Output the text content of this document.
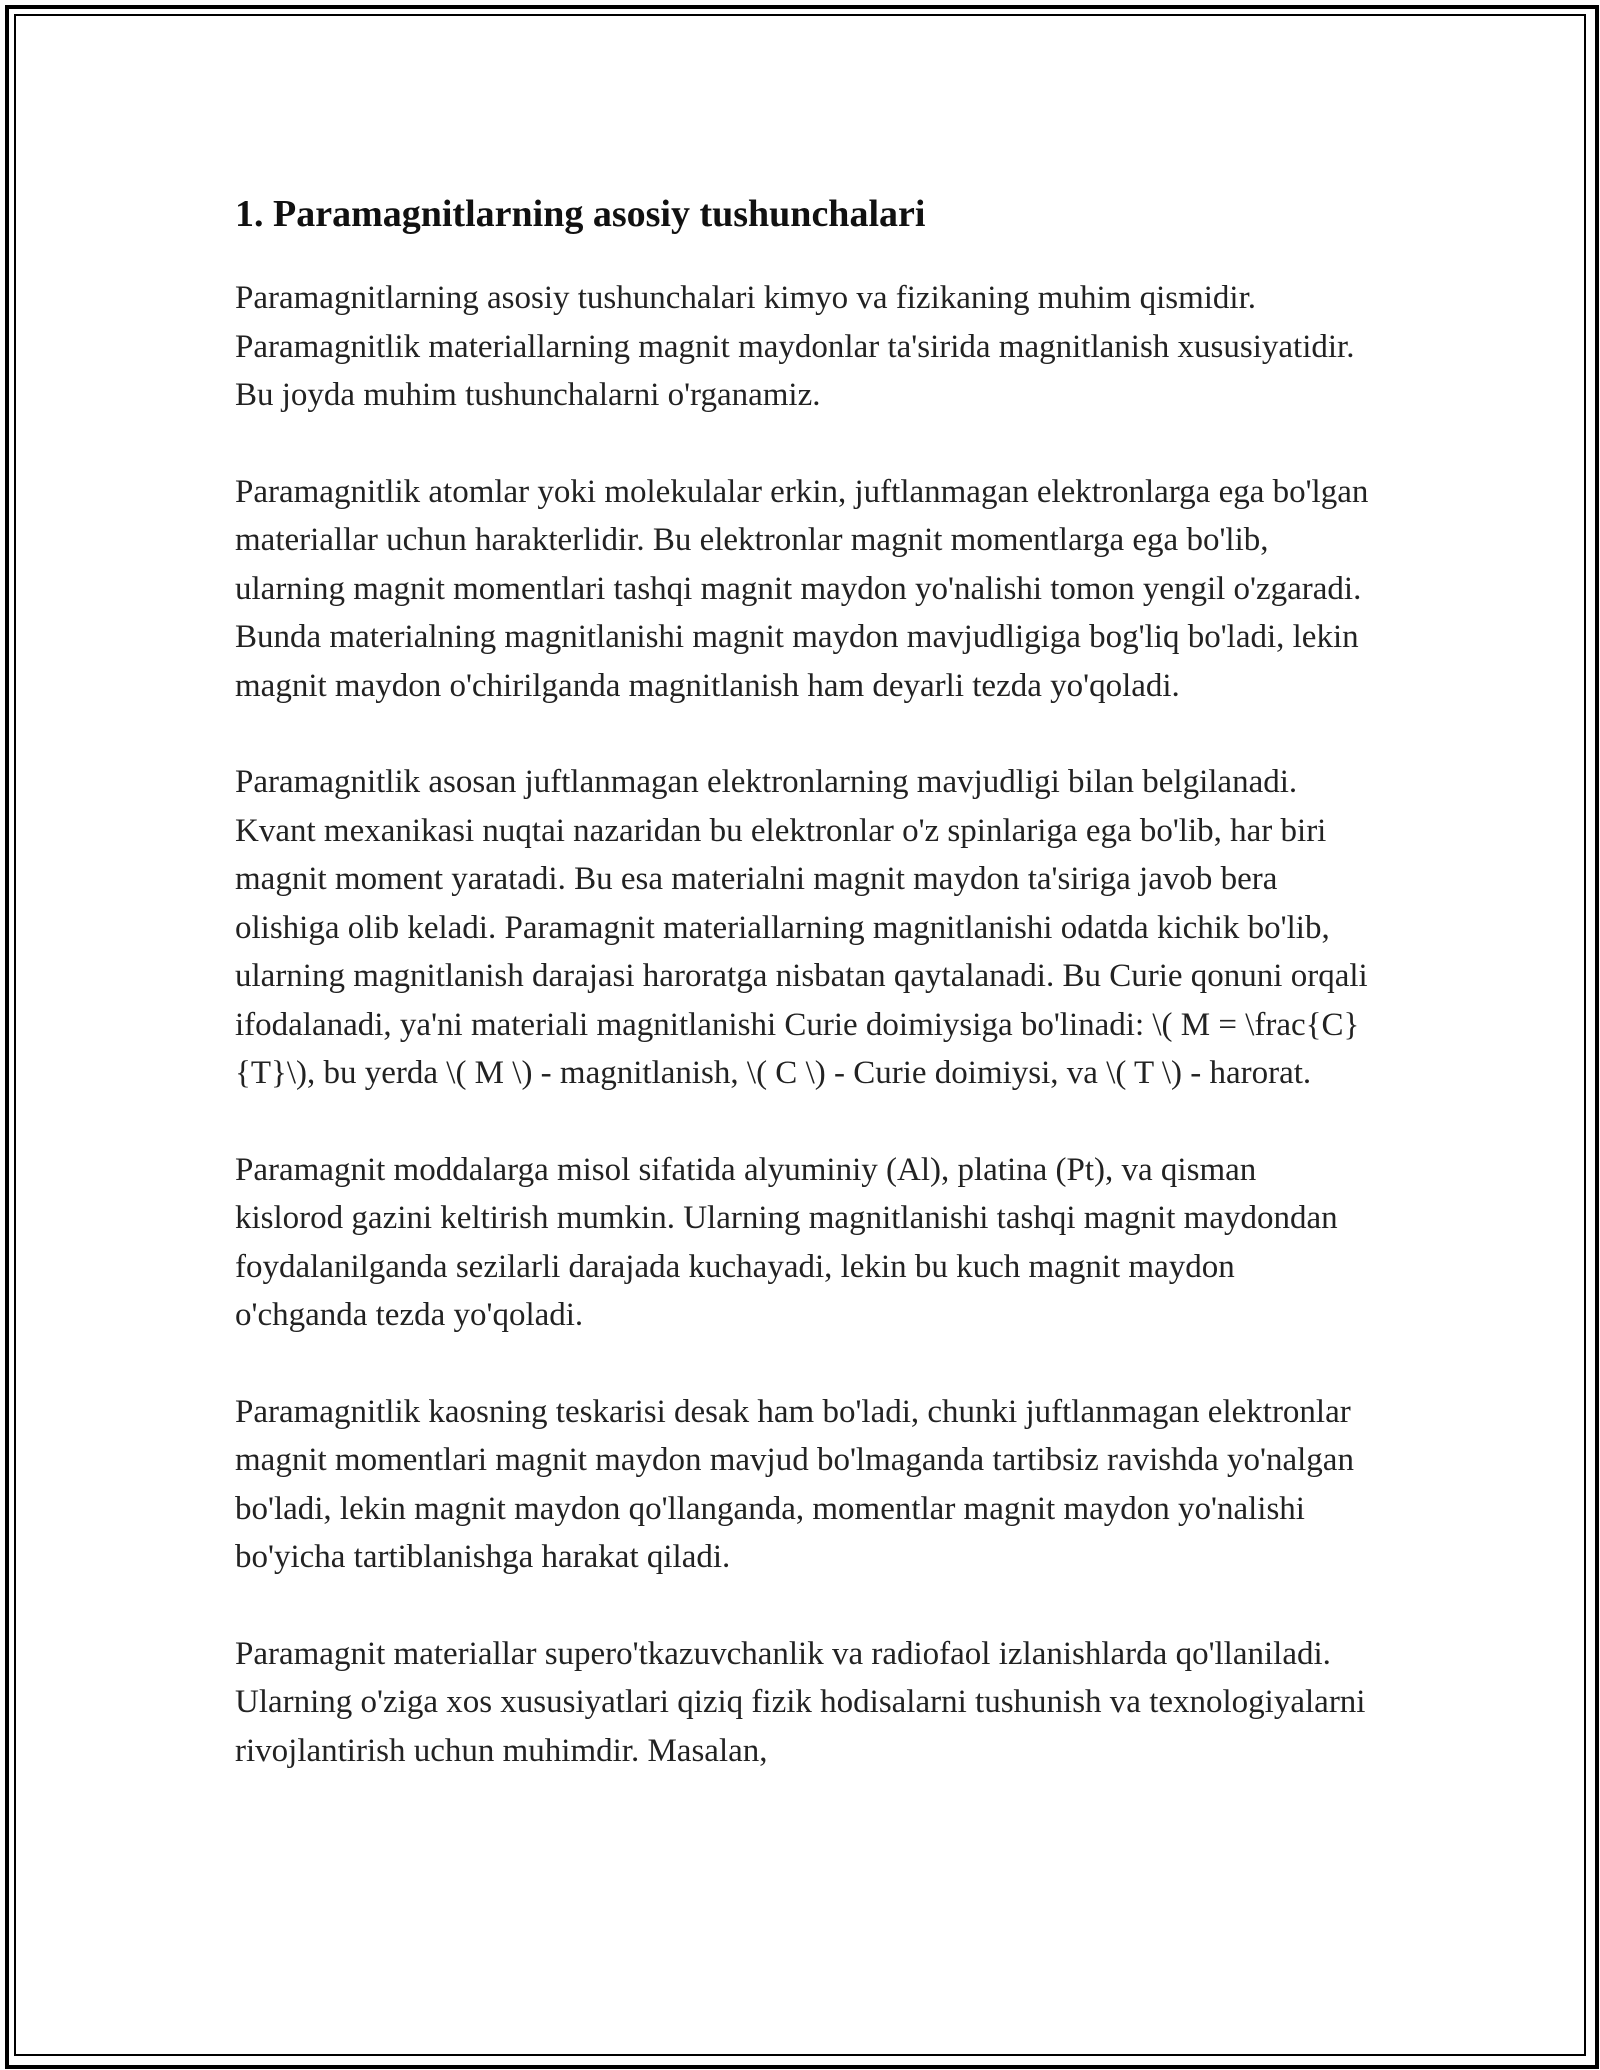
1. Paramagnitlarning asosiy tushunchalari

Paramagnitlarning asosiy tushunchalari kimyo va fizikaning muhim qismidir. Paramagnitlik materiallarning magnit maydonlar ta'sirida magnitlanish xususiyatidir. Bu joyda muhim tushunchalarni o'rganamiz.

Paramagnitlik atomlar yoki molekulalar erkin, juftlanmagan elektronlarga ega bo'lgan materiallar uchun harakterlidir. Bu elektronlar magnit momentlarga ega bo'lib, ularning magnit momentlari tashqi magnit maydon yo'nalishi tomon yengil o'zgaradi. Bunda materialning magnitlanishi magnit maydon mavjudligiga bog'liq bo'ladi, lekin magnit maydon o'chirilganda magnitlanish ham deyarli tezda yo'qoladi.

Paramagnitlik asosan juftlanmagan elektronlarning mavjudligi bilan belgilanadi. Kvant mexanikasi nuqtai nazaridan bu elektronlar o'z spinlariga ega bo'lib, har biri magnit moment yaratadi. Bu esa materialni magnit maydon ta'siriga javob bera olishiga olib keladi. Paramagnit materiallarning magnitlanishi odatda kichik bo'lib, ularning magnitlanish darajasi haroratga nisbatan qaytalanadi. Bu Curie qonuni orqali ifodalanadi, ya'ni materiali magnitlanishi Curie doimiysiga bo'linadi: \( M = \frac{C}{T}\), bu yerda \( M \) - magnitlanish, \( C \) - Curie doimiysi, va \( T \) - harorat.

Paramagnit moddalarga misol sifatida alyuminiy (Al), platina (Pt), va qisman kislorod gazini keltirish mumkin. Ularning magnitlanishi tashqi magnit maydondan foydalanilganda sezilarli darajada kuchayadi, lekin bu kuch magnit maydon o'chganda tezda yo'qoladi.

Paramagnitlik kaosning teskarisi desak ham bo'ladi, chunki juftlanmagan elektronlar magnit momentlari magnit maydon mavjud bo'lmaganda tartibsiz ravishda yo'nalgan bo'ladi, lekin magnit maydon qo'llanganda, momentlar magnit maydon yo'nalishi bo'yicha tartiblanishga harakat qiladi.

Paramagnit materiallar supero'tkazuvchanlik va radiofaol izlanishlarda qo'llaniladi. Ularning o'ziga xos xususiyatlari qiziq fizik hodisalarni tushunish va texnologiyalarni rivojlantirish uchun muhimdir. Masalan,
